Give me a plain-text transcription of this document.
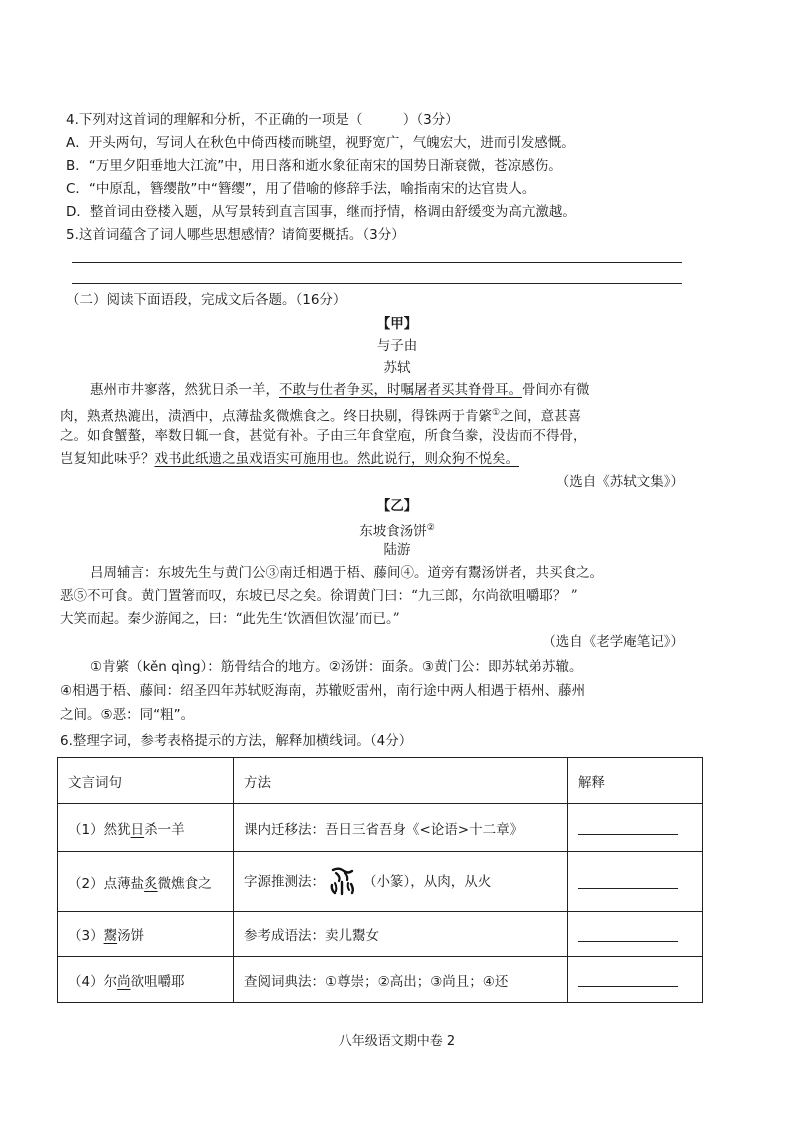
4.下列对这首词的理解和分析，不正确的一项是（　　　）（3分）
A．开头两句，写词人在秋色中倚西楼而眺望，视野宽广，气魄宏大，进而引发感慨。
B．“万里夕阳垂地大江流”中，用日落和逝水象征南宋的国势日渐衰微，苍凉感伤。
C．“中原乱，簪缨散”中“簪缨”，用了借喻的修辞手法，喻指南宋的达官贵人。
D．整首词由登楼入题，从写景转到直言国事，继而抒情，格调由舒缓变为高亢激越。
5.这首词蕴含了词人哪些思想感情？请简要概括。（3分）
（二）阅读下面语段，完成文后各题。（16分）
【甲】
与子由
苏轼
惠州市井寥落，然犹日杀一羊，不敢与仕者争买，时嘱屠者买其脊骨耳。骨间亦有微
肉，熟煮热漉出，渍酒中，点薄盐炙微燋食之。终日抉剔，得铢两于肯綮①之间，意甚喜
之。如食蟹螯，率数日辄一食，甚觉有补。子由三年食堂庖，所食刍豢，没齿而不得骨，
岂复知此味乎？戏书此纸遗之虽戏语实可施用也。然此说行，则众狗不悦矣。
（选自《苏轼文集》）
【乙】
东坡食汤饼②
陆游
吕周辅言：东坡先生与黄门公③南迁相遇于梧、藤间④。道旁有鬻汤饼者，共买食之。
恶⑤不可食。黄门置箸而叹，东坡已尽之矣。徐谓黄门曰：“九三郎，尔尚欲咀嚼耶？ ”
大笑而起。秦少游闻之，曰：“此先生‘饮酒但饮湿’而已。”
（选自《老学庵笔记》）
①肯綮（kěn qìng）：筋骨结合的地方。②汤饼：面条。③黄门公：即苏轼弟苏辙。
④相遇于梧、藤间：绍圣四年苏轼贬海南，苏辙贬雷州，南行途中两人相遇于梧州、藤州
之间。⑤恶：同“粗”。
6.整理字词，参考表格提示的方法，解释加横线词。（4分）
文言词句	方法	解释
（1）然犹日杀一羊	课内迁移法：吾日三省吾身《<论语>十二章》	
（2）点薄盐炙微燋食之	字源推测法： （小篆），从肉，从火	
（3）鬻汤饼	参考成语法：卖儿鬻女	
（4）尔尚欲咀嚼耶	查阅词典法：①尊崇；②高出；③尚且；④还	
八年级语文期中卷 2
